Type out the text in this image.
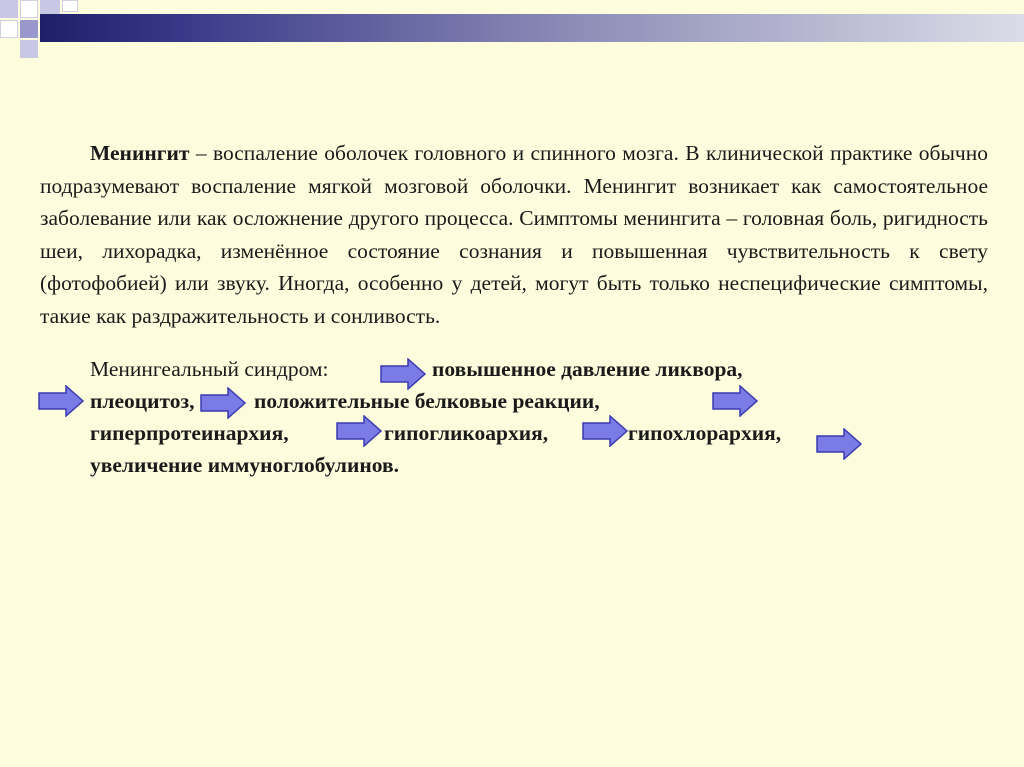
Менингит – воспаление оболочек головного и спинного мозга. В клинической практике обычно подразумевают воспаление мягкой мозговой оболочки. Менингит возникает как самостоятельное заболевание или как осложнение другого процесса. Симптомы менингита – головная боль, ригидность шеи, лихорадка, изменённое состояние сознания и повышенная чувствительность к свету (фотофобией) или звуку. Иногда, особенно у детей, могут быть только неспецифические симптомы, такие как раздражительность и сонливость.

Менингеальный синдром:	повышенное давление ликвора,
плеоцитоз,	положительные белковые реакции,
гиперпротеинархия,	гипогликоархия,	гипохлорархия,
увеличение иммуноглобулинов.
